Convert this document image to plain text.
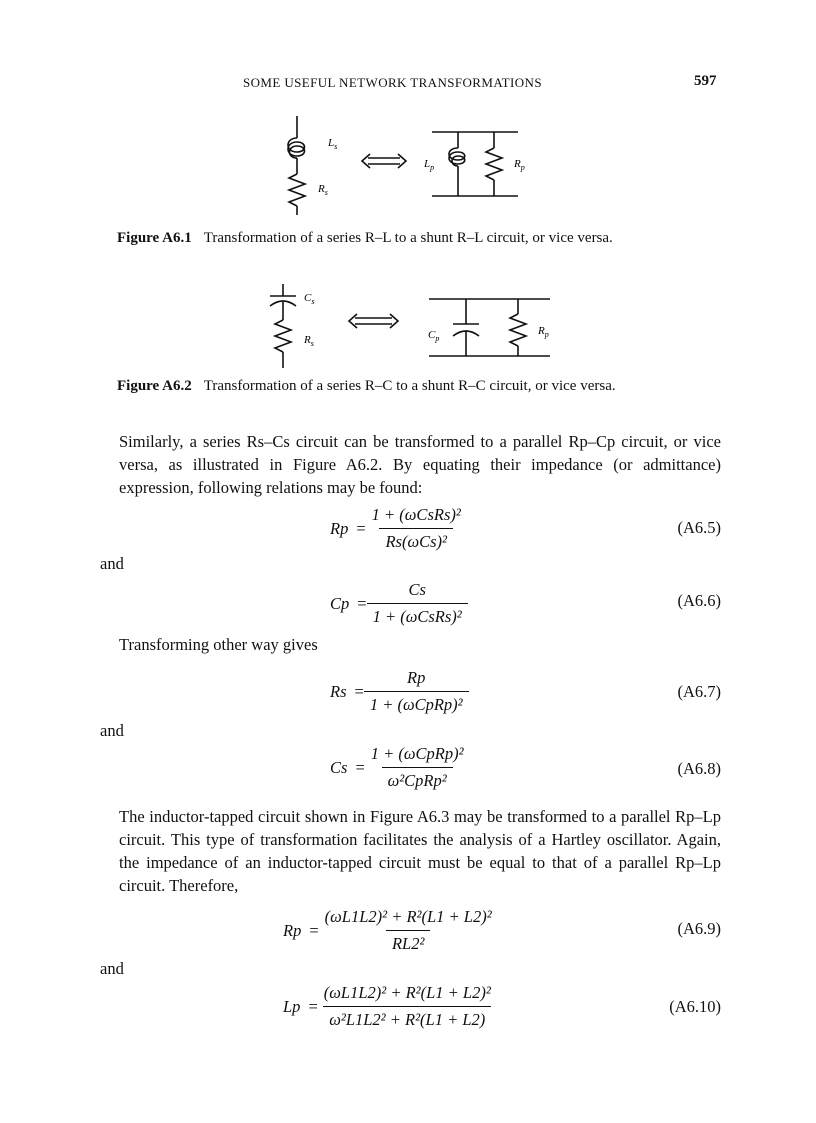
SOME USEFUL NETWORK TRANSFORMATIONS	597
$L_s$
$R_s$
$L_p$	$R_p$
Figure A6.1 Transformation of a series R–L to a shunt R–L circuit, or vice versa.
$C_s$
$R_s$
$C_p$
$R_p$
Figure A6.2 Transformation of a series R–C to a shunt R–C circuit, or vice versa.
Similarly, a series Rs–Cs circuit can be transformed to a parallel Rp–Cp circuit, or vice versa, as illustrated in Figure A6.2. By equating their impedance (or admittance) expression, following relations may be found:
$Rp = \frac{\text{1 + (ωCsRs)²}}{\text{Rs(ωCs)²}}$	(A6.5)
and
$Cp = \frac{Cs}{\text{1 + (ωCsRs)²}}$	(A6.6)
Transforming other way gives
$Rs = \frac{Rp}{\text{1 + (ωCpRp)²}}$	(A6.7)
and
$Cs = \frac{\text{1 + (ωCpRp)²}}{\text{ω²CpRp²}}$	(A6.8)
The inductor-tapped circuit shown in Figure A6.3 may be transformed to a parallel Rp–Lp circuit. This type of transformation facilitates the analysis of a Hartley oscillator. Again, the impedance of an inductor-tapped circuit must be equal to that of a parallel Rp–Lp circuit. Therefore,
$Rp = \frac{\text{(ωL1L2)² + R²(L1 + L2)²}}{\text{RL2²}}$	(A6.9)
and
$Lp = \frac{\text{(ωL1L2)² + R²(L1 + L2)²}}{\text{ω²L1L2² + R²(L1 + L2)}}$	(A6.10)
